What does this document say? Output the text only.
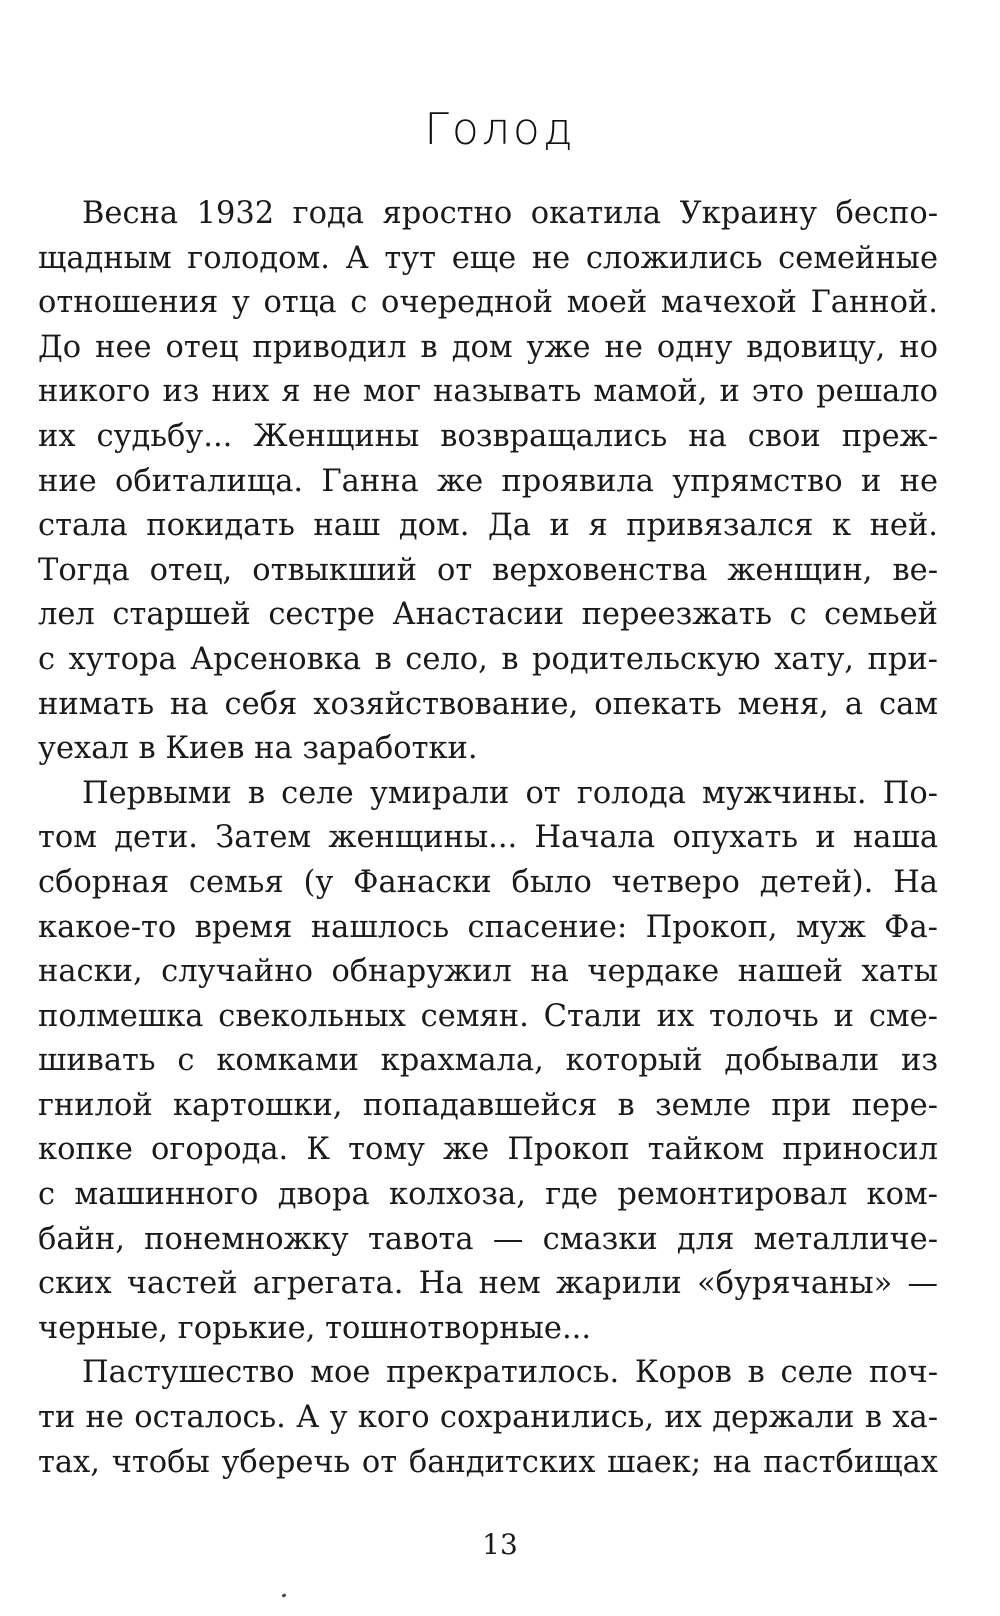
Голод
Весна 1932 года яростно окатила Украину беспо-
щадным голодом. А тут еще не сложились семейные
отношения у отца с очередной моей мачехой Ганной.
До нее отец приводил в дом уже не одну вдовицу, но
никого из них я не мог называть мамой, и это решало
их судьбу... Женщины возвращались на свои преж-
ние обиталища. Ганна же проявила упрямство и не
стала покидать наш дом. Да и я привязался к ней.
Тогда отец, отвыкший от верховенства женщин, ве-
лел старшей сестре Анастасии переезжать с семьей
с хутора Арсеновка в село, в родительскую хату, при-
нимать на себя хозяйствование, опекать меня, а сам
уехал в Киев на заработки.
Первыми в селе умирали от голода мужчины. По-
том дети. Затем женщины... Начала опухать и наша
сборная семья (у Фанаски было четверо детей). На
какое-то время нашлось спасение: Прокоп, муж Фа-
наски, случайно обнаружил на чердаке нашей хаты
полмешка свекольных семян. Стали их толочь и сме-
шивать с комками крахмала, который добывали из
гнилой картошки, попадавшейся в земле при пере-
копке огорода. К тому же Прокоп тайком приносил
с машинного двора колхоза, где ремонтировал ком-
байн, понемножку тавота — смазки для металличе-
ских частей агрегата. На нем жарили «бурячаны» —
черные, горькие, тошнотворные...
Пастушество мое прекратилось. Коров в селе поч-
ти не осталось. А у кого сохранились, их держали в ха-
тах, чтобы уберечь от бандитских шаек; на пастбищах
13
